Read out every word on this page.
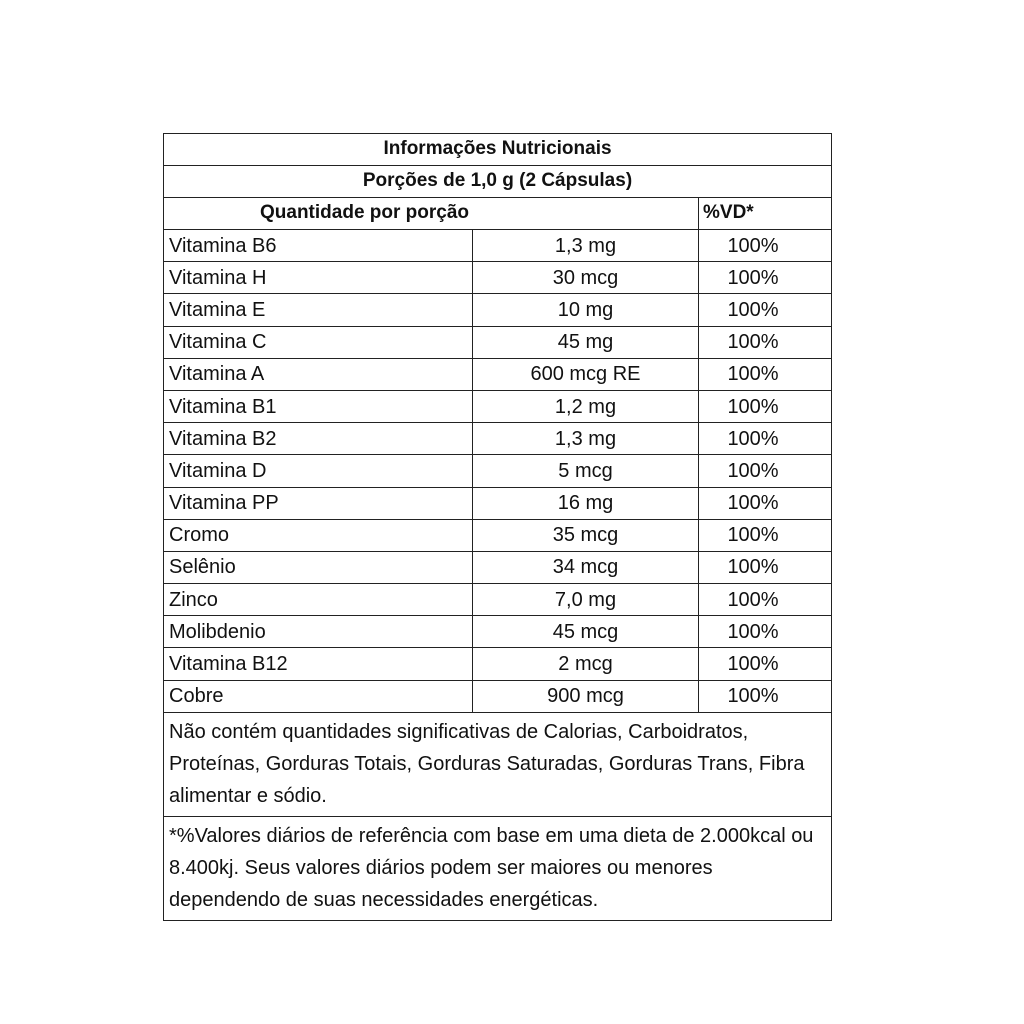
Informações Nutricionais		
Porções de 1,0 g (2 Cápsulas)		
Quantidade por porção		%VD*
Vitamina B6	1,3 mg	100%
Vitamina H	30 mcg	100%
Vitamina E	10 mg	100%
Vitamina C	45 mg	100%
Vitamina A	600 mcg RE	100%
Vitamina B1	1,2 mg	100%
Vitamina B2	1,3 mg	100%
Vitamina D	5 mcg	100%
Vitamina PP	16 mg	100%
Cromo	35 mcg	100%
Selênio	34 mcg	100%
Zinco	7,0 mg	100%
Molibdenio	45 mcg	100%
Vitamina B12	2 mcg	100%
Cobre	900 mcg	100%
Não contém quantidades significativas de Calorias, Carboidratos, Proteínas, Gorduras Totais, Gorduras Saturadas, Gorduras Trans, Fibra alimentar e sódio.		
*%Valores diários de referência com base em uma dieta de 2.000kcal ou 8.400kj. Seus valores diários podem ser maiores ou menores dependendo de suas necessidades energéticas.		
